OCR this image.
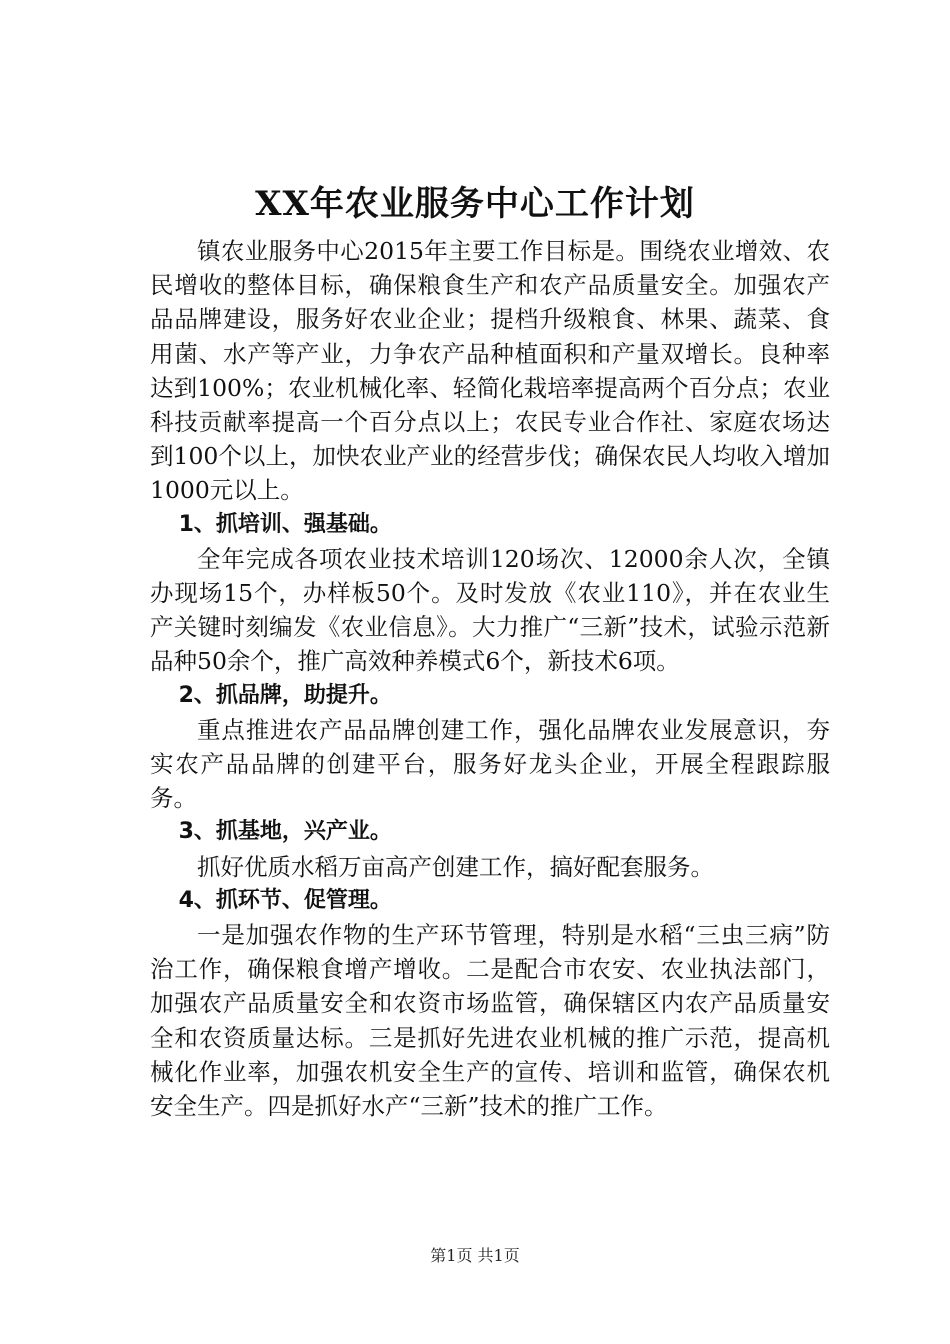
XX年农业服务中心工作计划

镇农业服务中心2015年主要工作目标是。围绕农业增效、农民增收的整体目标，确保粮食生产和农产品质量安全。加强农产品品牌建设，服务好农业企业；提档升级粮食、林果、蔬菜、食用菌、水产等产业，力争农产品种植面积和产量双增长。良种率达到100%；农业机械化率、轻简化栽培率提高两个百分点；农业科技贡献率提高一个百分点以上；农民专业合作社、家庭农场达到100个以上，加快农业产业的经营步伐；确保农民人均收入增加1000元以上。

1、抓培训、强基础。

全年完成各项农业技术培训120场次、12000余人次，全镇办现场15个，办样板50个。及时发放《农业110》，并在农业生产关键时刻编发《农业信息》。大力推广“三新”技术，试验示范新品种50余个，推广高效种养模式6个，新技术6项。

2、抓品牌，助提升。

重点推进农产品品牌创建工作，强化品牌农业发展意识，夯实农产品品牌的创建平台，服务好龙头企业，开展全程跟踪服务。

3、抓基地，兴产业。

抓好优质水稻万亩高产创建工作，搞好配套服务。

4、抓环节、促管理。

一是加强农作物的生产环节管理，特别是水稻“三虫三病”防治工作，确保粮食增产增收。二是配合市农安、农业执法部门，加强农产品质量安全和农资市场监管，确保辖区内农产品质量安全和农资质量达标。三是抓好先进农业机械的推广示范，提高机械化作业率，加强农机安全生产的宣传、培训和监管，确保农机安全生产。四是抓好水产“三新”技术的推广工作。

第1页 共1页
